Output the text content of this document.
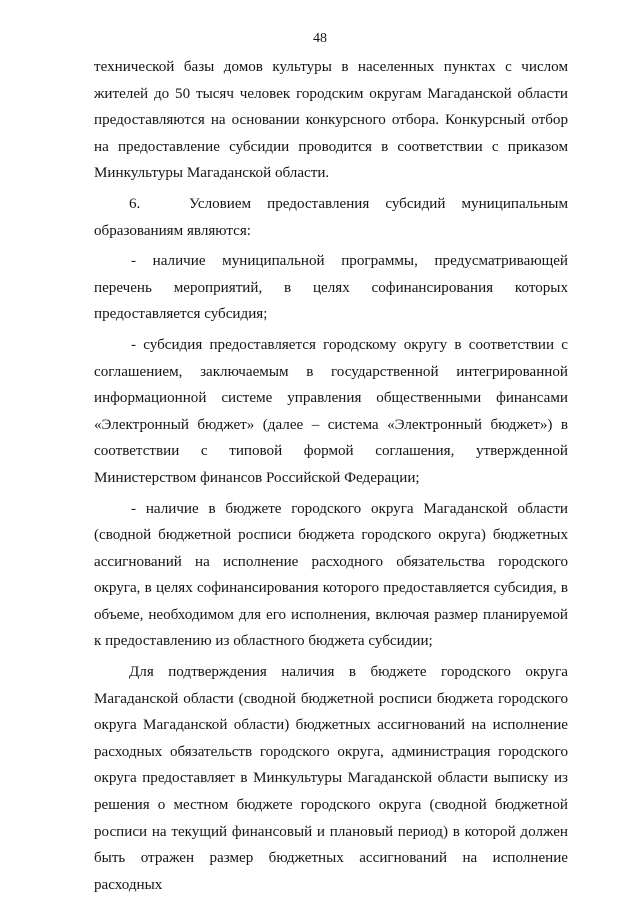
48

технической базы домов культуры в населенных пунктах с числом жителей до 50 тысяч человек городским округам Магаданской области предоставляются на основании конкурсного отбора. Конкурсный отбор на предоставление субсидии проводится в соответствии с приказом Минкультуры Магаданской области.

6.	Условием предоставления субсидий муниципальным образованиям являются:

- наличие муниципальной программы, предусматривающей перечень мероприятий, в целях софинансирования которых предоставляется субсидия;

- субсидия предоставляется городскому округу в соответствии с соглашением, заключаемым в государственной интегрированной информационной системе управления общественными финансами «Электронный бюджет» (далее – система «Электронный бюджет») в соответствии с типовой формой соглашения, утвержденной Министерством финансов Российской Федерации;

- наличие в бюджете городского округа Магаданской области (сводной бюджетной росписи бюджета городского округа) бюджетных ассигнований на исполнение расходного обязательства городского округа, в целях софинансирования которого предоставляется субсидия, в объеме, необходимом для его исполнения, включая размер планируемой к предоставлению из областного бюджета субсидии;

Для подтверждения наличия в бюджете городского округа Магаданской области (сводной бюджетной росписи бюджета городского округа Магаданской области) бюджетных ассигнований на исполнение расходных обязательств городского округа, администрация городского округа предоставляет в Минкультуры Магаданской области выписку из решения о местном бюджете городского округа (сводной бюджетной росписи на текущий финансовый и плановый период) в которой должен быть отражен размер бюджетных ассигнований на исполнение расходных
